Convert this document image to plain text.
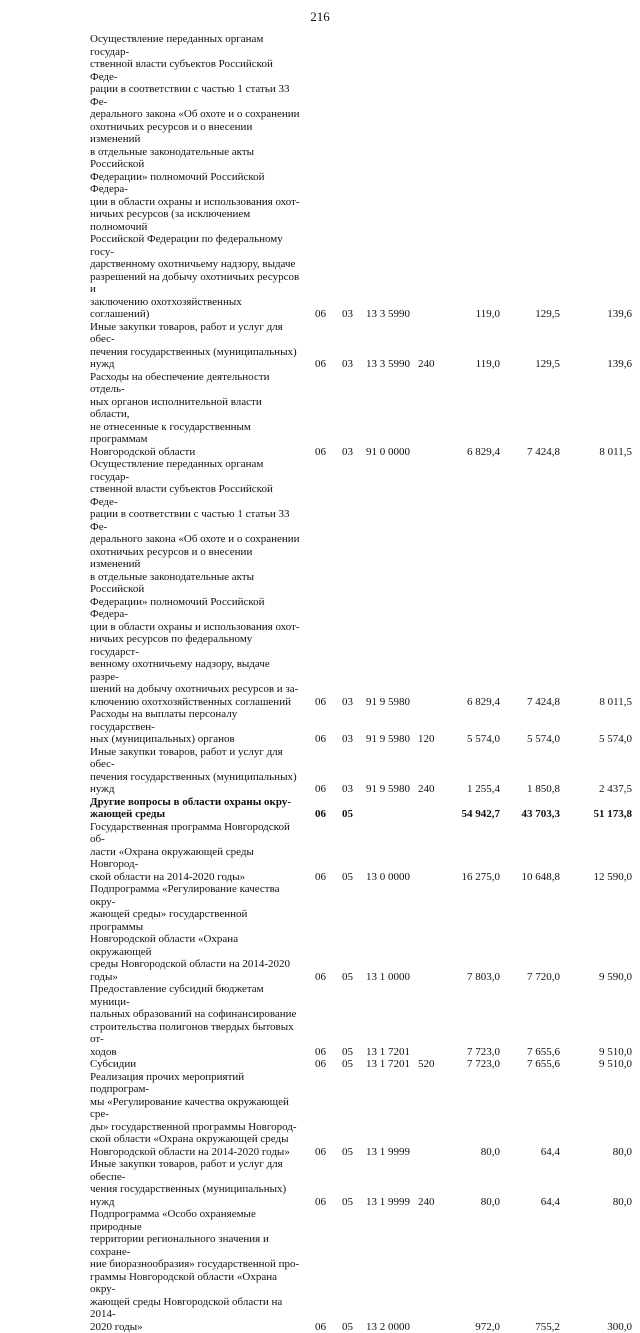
216
Осуществление переданных органам государ-
ственной власти субъектов Российской Феде-
рации в соответствии с частью 1 статьи 33 Фе-
дерального закона «Об охоте и о сохранении
охотничьих ресурсов и о внесении изменений
в отдельные законодательные акты Российской
Федерации» полномочий Российской Федера-
ции в области охраны и использования охот-
ничьих ресурсов (за исключением полномочий
Российской Федерации по федеральному госу-
дарственному охотничьему надзору, выдаче
разрешений на добычу охотничьих ресурсов и
заключению охотхозяйственных соглашений)	06 03 13 3 5990	119,0	129,5	139,6
Иные закупки товаров, работ и услуг для обес-
печения государственных (муниципальных)
нужд	06 03 13 3 5990 240	119,0	129,5	139,6
Расходы на обеспечение деятельности отдель-
ных органов исполнительной власти области,
не отнесенные к государственным программам
Новгородской области	06 03 91 0 0000	6 829,4	7 424,8	8 011,5
Осуществление переданных органам государ-
ственной власти субъектов Российской Феде-
рации в соответствии с частью 1 статьи 33 Фе-
дерального закона «Об охоте и о сохранении
охотничьих ресурсов и о внесении изменений
в отдельные законодательные акты Российской
Федерации» полномочий Российской Федера-
ции в области охраны и использования охот-
ничьих ресурсов по федеральному государст-
венному охотничьему надзору, выдаче разре-
шений на добычу охотничьих ресурсов и за-
ключению охотхозяйственных соглашений	06 03 91 9 5980	6 829,4	7 424,8	8 011,5
Расходы на выплаты персоналу государствен-
ных (муниципальных) органов	06 03 91 9 5980 120	5 574,0	5 574,0	5 574,0
Иные закупки товаров, работ и услуг для обес-
печения государственных (муниципальных)
нужд	06 03 91 9 5980 240	1 255,4	1 850,8	2 437,5
Другие вопросы в области охраны окру-
жающей среды	06 05	54 942,7	43 703,3	51 173,8
Государственная программа Новгородской об-
ласти «Охрана окружающей среды Новгород-
ской области на 2014-2020 годы»	06 05 13 0 0000	16 275,0	10 648,8	12 590,0
Подпрограмма «Регулирование качества окру-
жающей среды» государственной программы
Новгородской области «Охрана окружающей
среды Новгородской области на 2014-2020 годы»	06 05 13 1 0000	7 803,0	7 720,0	9 590,0
Предоставление субсидий бюджетам муници-
пальных образований на софинансирование
строительства полигонов твердых бытовых от-
ходов	06 05 13 1 7201	7 723,0	7 655,6	9 510,0
Субсидии	06 05 13 1 7201 520	7 723,0	7 655,6	9 510,0
Реализация прочих мероприятий подпрограм-
мы «Регулирование качества окружающей сре-
ды» государственной программы Новгород-
ской области «Охрана окружающей среды
Новгородской области на 2014-2020 годы»	06 05 13 1 9999	80,0	64,4	80,0
Иные закупки товаров, работ и услуг для обеспе-
чения государственных (муниципальных) нужд	06 05 13 1 9999 240	80,0	64,4	80,0
Подпрограмма «Особо охраняемые природные
территории регионального значения и сохране-
ние биоразнообразия» государственной про-
граммы Новгородской области «Охрана окру-
жающей среды Новгородской области на 2014-
2020 годы»	06 05 13 2 0000	972,0	755,2	300,0
